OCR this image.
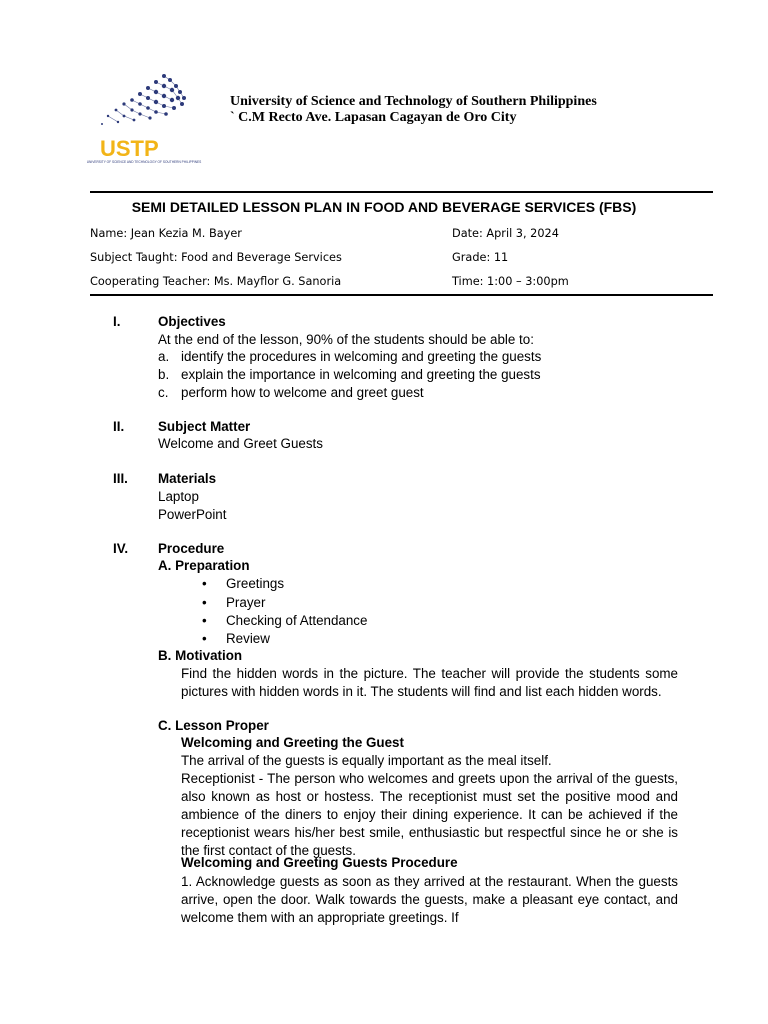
USTP
UNIVERSITY OF SCIENCE AND TECHNOLOGY OF SOUTHERN PHILIPPINES
University of Science and Technology of Southern Philippines
` C.M Recto Ave. Lapasan Cagayan de Oro City
SEMI DETAILED LESSON PLAN IN FOOD AND BEVERAGE SERVICES (FBS)
Name: Jean Kezia M. Bayer	Date: April 3, 2024
Subject Taught: Food and Beverage Services	Grade: 11
Cooperating Teacher: Ms. Mayflor G. Sanoria	Time: 1:00 – 3:00pm
I.	Objectives
At the end of the lesson, 90% of the students should be able to:
a. identify the procedures in welcoming and greeting the guests
b. explain the importance in welcoming and greeting the guests
c. perform how to welcome and greet guest
II.	Subject Matter
Welcome and Greet Guests
III. Materials
Laptop
PowerPoint
IV. Procedure
A. Preparation
• Greetings
• Prayer
• Checking of Attendance
• Review
B. Motivation
Find the hidden words in the picture. The teacher will provide the students some pictures with hidden words in it. The students will find and list each hidden words.
C. Lesson Proper
Welcoming and Greeting the Guest
The arrival of the guests is equally important as the meal itself.
Receptionist - The person who welcomes and greets upon the arrival of the guests, also known as host or hostess. The receptionist must set the positive mood and ambience of the diners to enjoy their dining experience. It can be achieved if the receptionist wears his/her best smile, enthusiastic but respectful since he or she is the first contact of the guests.
Welcoming and Greeting Guests Procedure
1. Acknowledge guests as soon as they arrived at the restaurant. When the guests arrive, open the door. Walk towards the guests, make a pleasant eye contact, and welcome them with an appropriate greetings. If
